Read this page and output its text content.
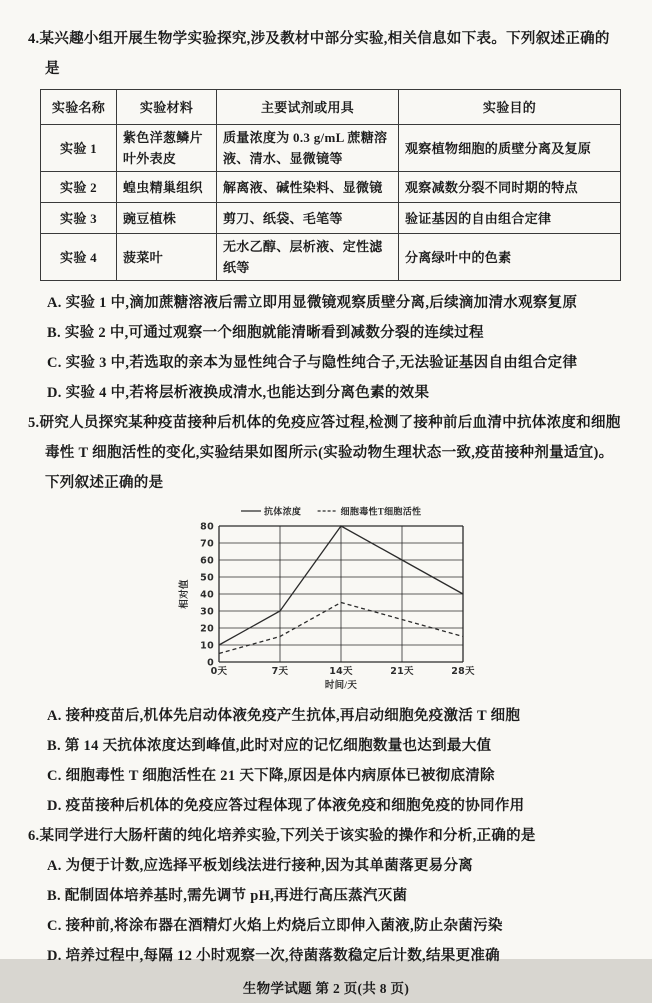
4.某兴趣小组开展生物学实验探究,涉及教材中部分实验,相关信息如下表。下列叙述正确的是

实验名称	实验材料	主要试剂或用具	实验目的
实验 1	紫色洋葱鳞片叶外表皮	质量浓度为 0.3 g/mL 蔗糖溶液、清水、显微镜等	观察植物细胞的质壁分离及复原
实验 2	蝗虫精巢组织	解离液、碱性染料、显微镜	观察减数分裂不同时期的特点
实验 3	豌豆植株	剪刀、纸袋、毛笔等	验证基因的自由组合定律
实验 4	菠菜叶	无水乙醇、层析液、定性滤纸等	分离绿叶中的色素

A. 实验 1 中,滴加蔗糖溶液后需立即用显微镜观察质壁分离,后续滴加清水观察复原

B. 实验 2 中,可通过观察一个细胞就能清晰看到减数分裂的连续过程

C. 实验 3 中,若选取的亲本为显性纯合子与隐性纯合子,无法验证基因自由组合定律

D. 实验 4 中,若将层析液换成清水,也能达到分离色素的效果

5.研究人员探究某种疫苗接种后机体的免疫应答过程,检测了接种前后血清中抗体浓度和细胞毒性 T 细胞活性的变化,实验结果如图所示(实验动物生理状态一致,疫苗接种剂量适宜)。下列叙述正确的是

0
10
20
30
40
50
60
70
80
0天	7天	14天	21天	28天
时间/天
相对值
抗体浓度	细胞毒性T细胞活性

A. 接种疫苗后,机体先启动体液免疫产生抗体,再启动细胞免疫激活 T 细胞

B. 第 14 天抗体浓度达到峰值,此时对应的记忆细胞数量也达到最大值

C. 细胞毒性 T 细胞活性在 21 天下降,原因是体内病原体已被彻底清除

D. 疫苗接种后机体的免疫应答过程体现了体液免疫和细胞免疫的协同作用

6.某同学进行大肠杆菌的纯化培养实验,下列关于该实验的操作和分析,正确的是

A. 为便于计数,应选择平板划线法进行接种,因为其单菌落更易分离

B. 配制固体培养基时,需先调节 pH,再进行高压蒸汽灭菌

C. 接种前,将涂布器在酒精灯火焰上灼烧后立即伸入菌液,防止杂菌污染

D. 培养过程中,每隔 12 小时观察一次,待菌落数稳定后计数,结果更准确

生物学试题 第 2 页(共 8 页)
